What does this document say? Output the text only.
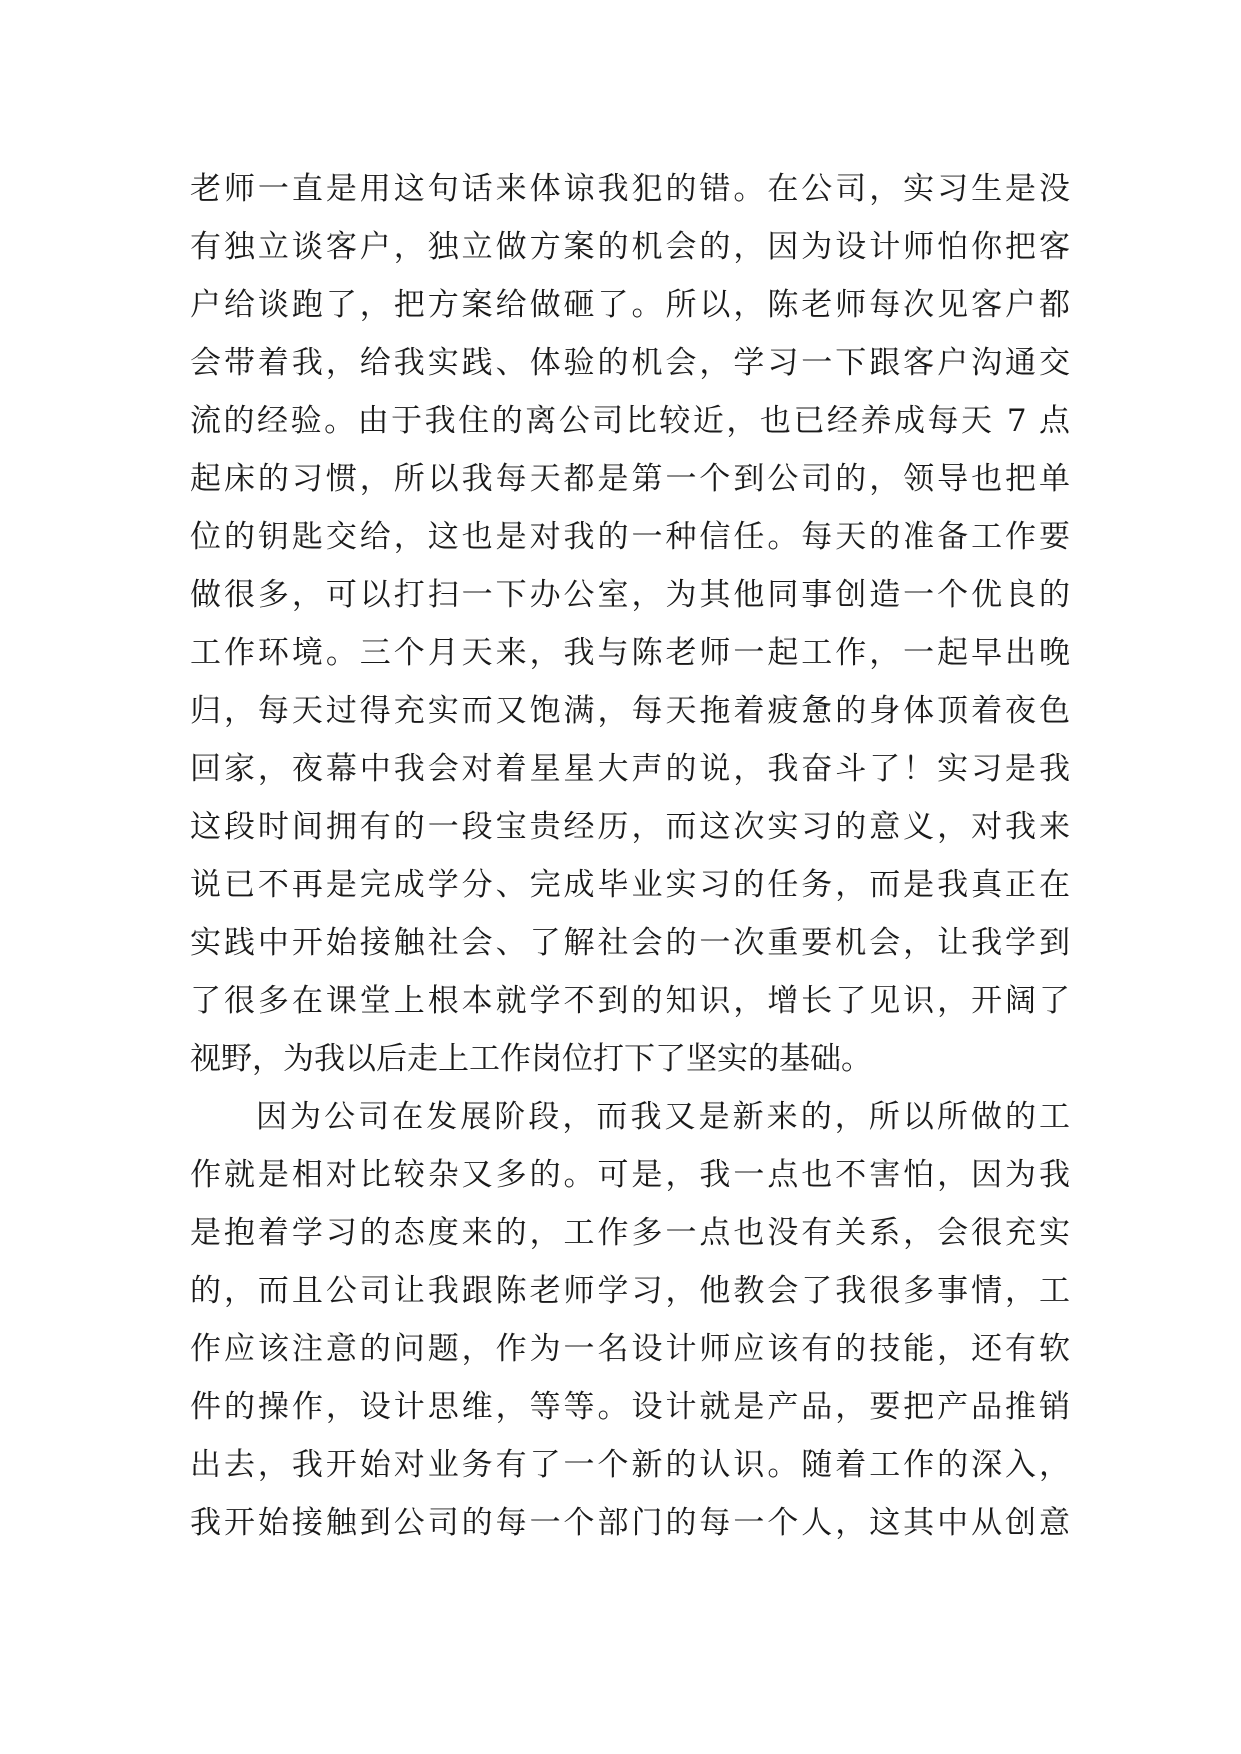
老师一直是用这句话来体谅我犯的错。在公司，实习生是没
有独立谈客户，独立做方案的机会的，因为设计师怕你把客
户给谈跑了，把方案给做砸了。所以，陈老师每次见客户都
会带着我，给我实践、体验的机会，学习一下跟客户沟通交
流的经验。由于我住的离公司比较近，也已经养成每天 7 点
起床的习惯，所以我每天都是第一个到公司的，领导也把单
位的钥匙交给，这也是对我的一种信任。每天的准备工作要
做很多，可以打扫一下办公室，为其他同事创造一个优良的
工作环境。三个月天来，我与陈老师一起工作，一起早出晚
归，每天过得充实而又饱满，每天拖着疲惫的身体顶着夜色
回家，夜幕中我会对着星星大声的说，我奋斗了！实习是我
这段时间拥有的一段宝贵经历，而这次实习的意义，对我来
说已不再是完成学分、完成毕业实习的任务，而是我真正在
实践中开始接触社会、了解社会的一次重要机会，让我学到
了很多在课堂上根本就学不到的知识，增长了见识，开阔了
视野，为我以后走上工作岗位打下了坚实的基础。
因为公司在发展阶段，而我又是新来的，所以所做的工
作就是相对比较杂又多的。可是，我一点也不害怕，因为我
是抱着学习的态度来的，工作多一点也没有关系，会很充实
的，而且公司让我跟陈老师学习，他教会了我很多事情，工
作应该注意的问题，作为一名设计师应该有的技能，还有软
件的操作，设计思维，等等。设计就是产品，要把产品推销
出去，我开始对业务有了一个新的认识。随着工作的深入，
我开始接触到公司的每一个部门的每一个人，这其中从创意
